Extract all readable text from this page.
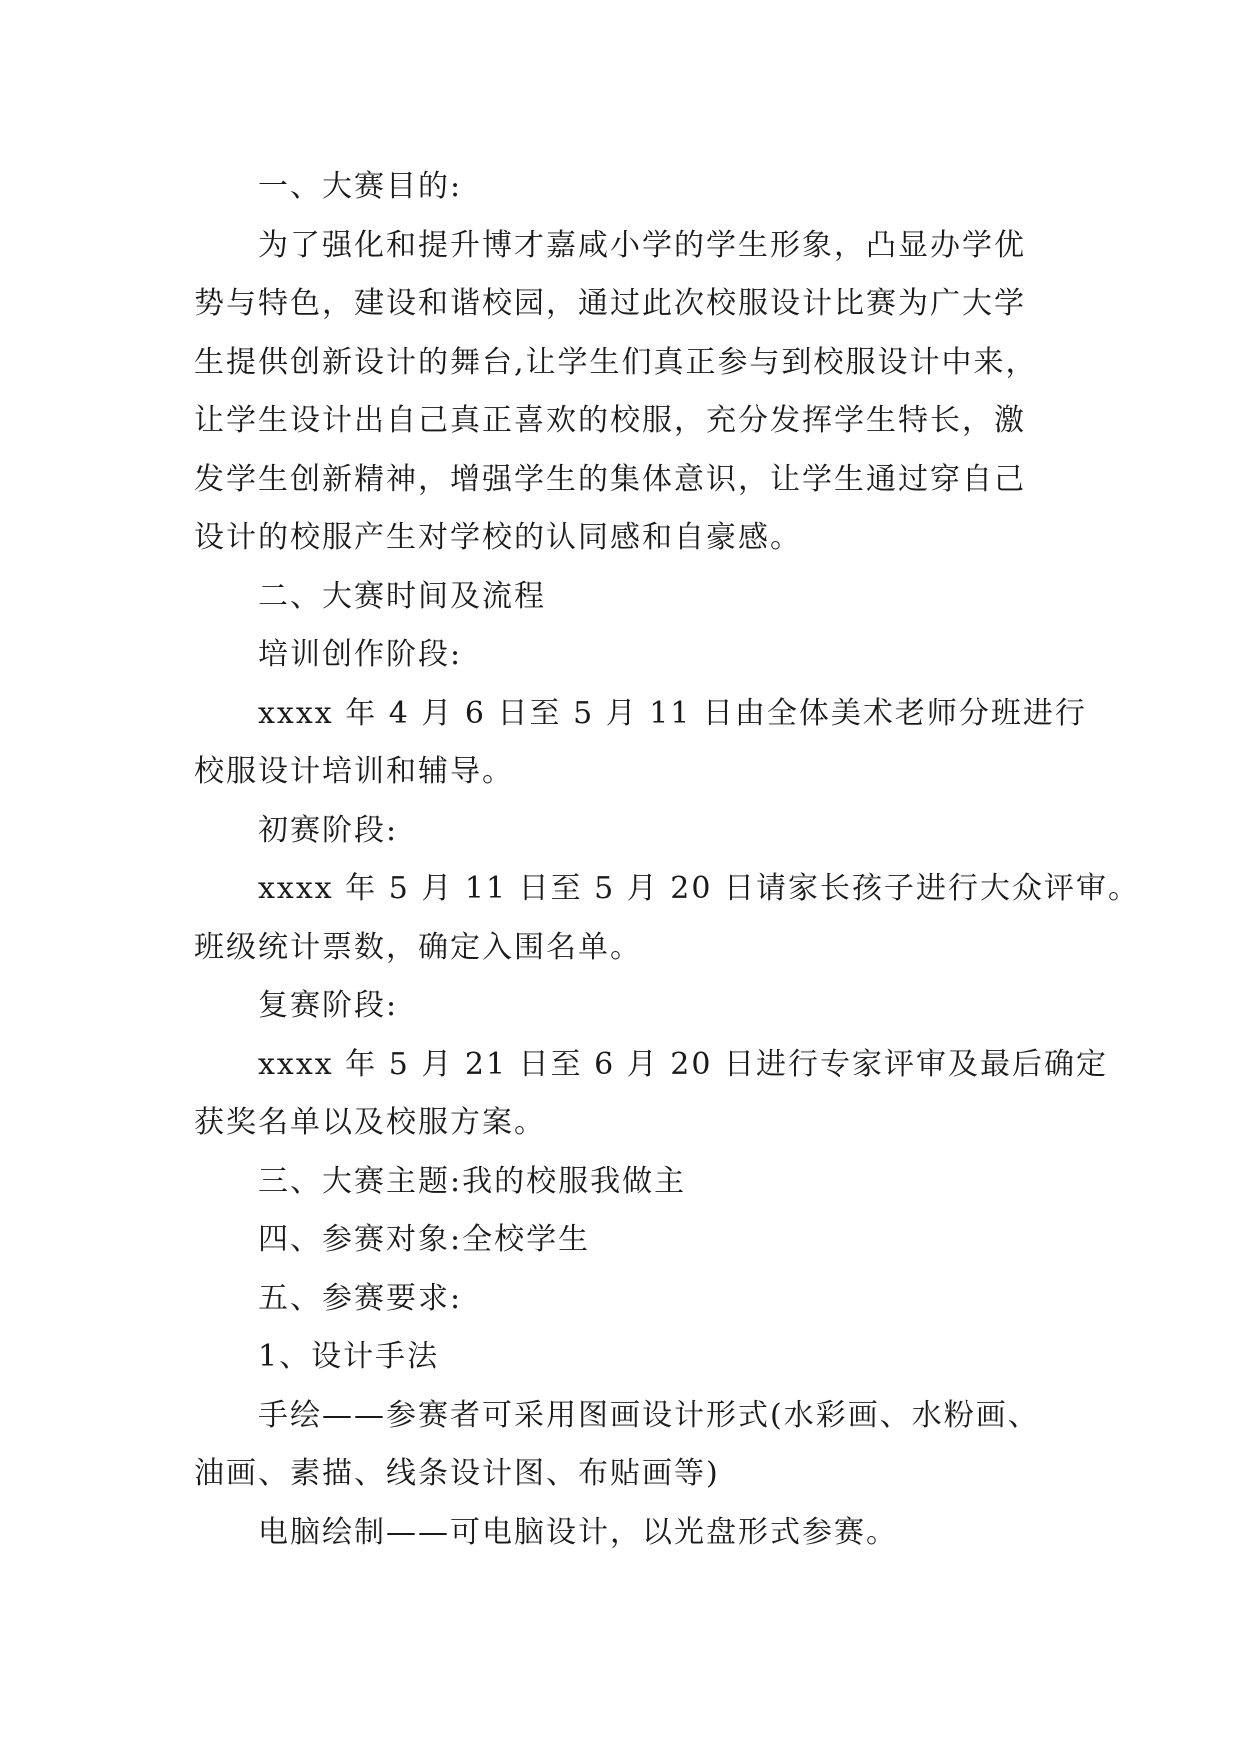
一、大赛目的:
为了强化和提升博才嘉咸小学的学生形象，凸显办学优
势与特色，建设和谐校园，通过此次校服设计比赛为广大学
生提供创新设计的舞台,让学生们真正参与到校服设计中来，
让学生设计出自己真正喜欢的校服，充分发挥学生特长，激
发学生创新精神，增强学生的集体意识，让学生通过穿自己
设计的校服产生对学校的认同感和自豪感。
二、大赛时间及流程
培训创作阶段:
xxxx 年 4 月 6 日至 5 月 11 日由全体美术老师分班进行
校服设计培训和辅导。
初赛阶段:
xxxx 年 5 月 11 日至 5 月 20 日请家长孩子进行大众评审。
班级统计票数，确定入围名单。
复赛阶段:
xxxx 年 5 月 21 日至 6 月 20 日进行专家评审及最后确定
获奖名单以及校服方案。
三、大赛主题:我的校服我做主
四、参赛对象:全校学生
五、参赛要求:
1、设计手法
手绘——参赛者可采用图画设计形式(水彩画、水粉画、
油画、素描、线条设计图、布贴画等)
电脑绘制——可电脑设计，以光盘形式参赛。
